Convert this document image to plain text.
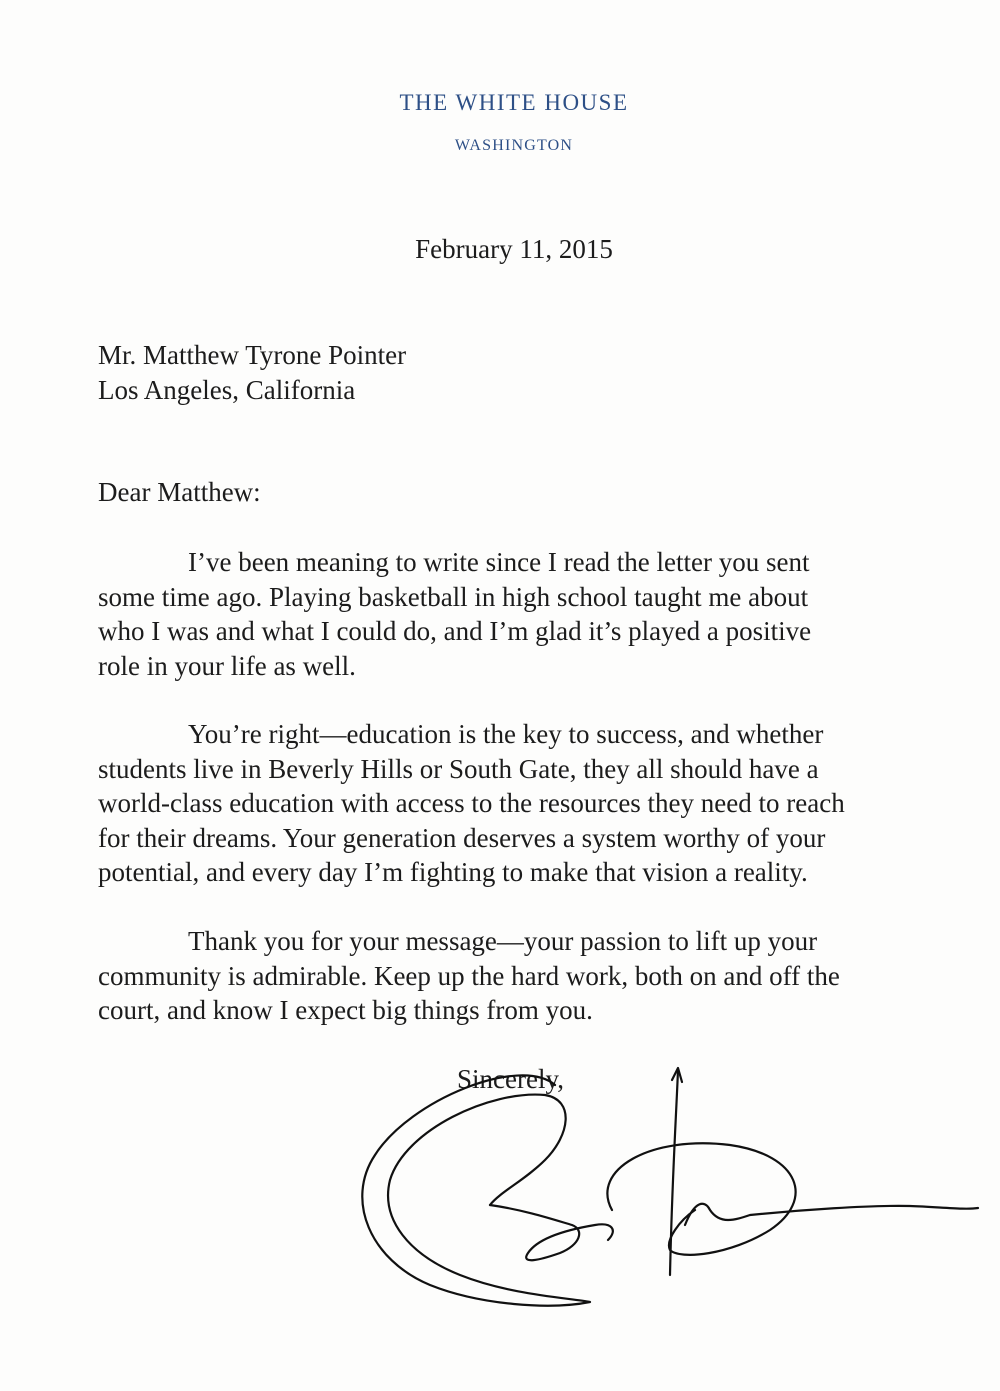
THE WHITE HOUSE
WASHINGTON
February 11, 2015
Mr. Matthew Tyrone Pointer
Los Angeles, California
Dear Matthew:

I’ve been meaning to write since I read the letter you sent
some time ago. Playing basketball in high school taught me about
who I was and what I could do, and I’m glad it’s played a positive
role in your life as well.

You’re right—education is the key to success, and whether
students live in Beverly Hills or South Gate, they all should have a
world-class education with access to the resources they need to reach
for their dreams. Your generation deserves a system worthy of your
potential, and every day I’m fighting to make that vision a reality.

Thank you for your message—your passion to lift up your
community is admirable. Keep up the hard work, both on and off the
court, and know I expect big things from you.

Sincerely,
